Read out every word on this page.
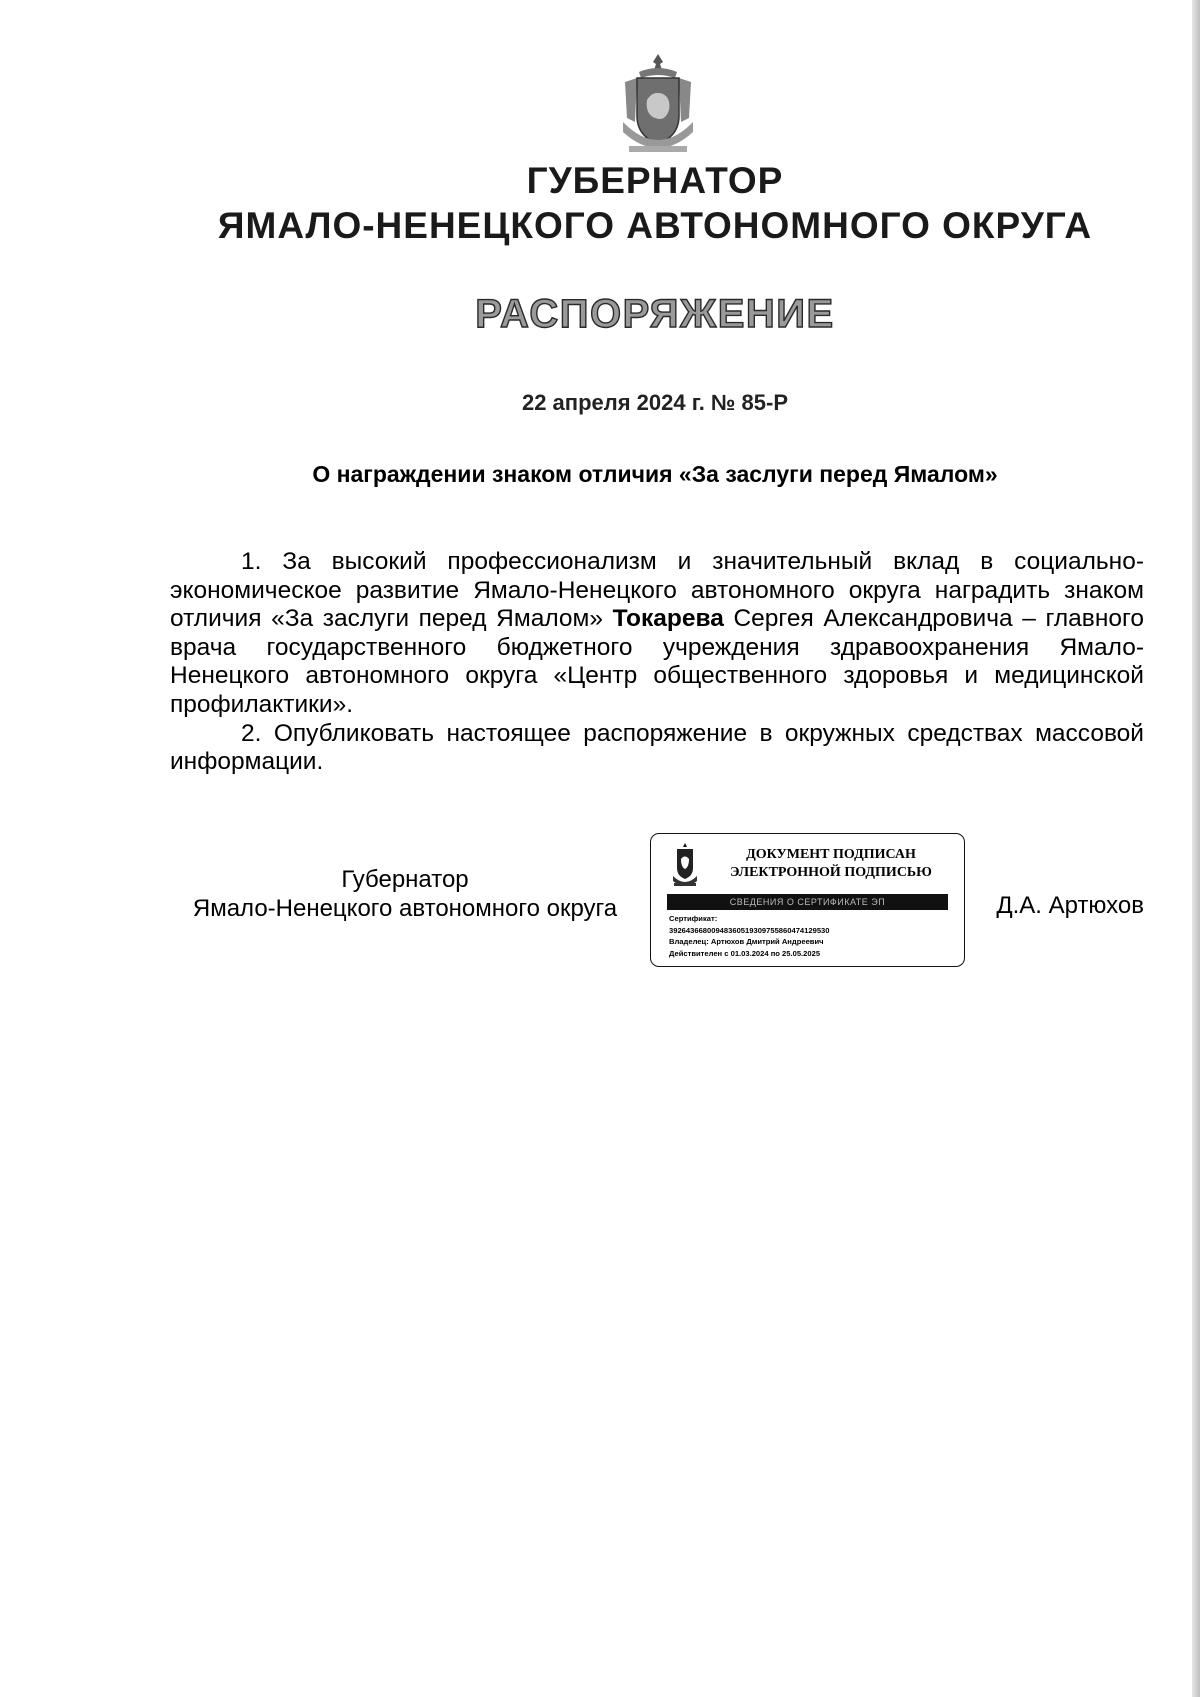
ГУБЕРНАТОР
ЯМАЛО-НЕНЕЦКОГО АВТОНОМНОГО ОКРУГА
РАСПОРЯЖЕНИЕ
22 апреля 2024 г. № 85-Р
О награждении знаком отличия «За заслуги перед Ямалом»

1. За высокий профессионализм и значительный вклад в социально-экономическое развитие Ямало-Ненецкого автономного округа наградить знаком отличия «За заслуги перед Ямалом» Токарева Сергея Александровича – главного врача государственного бюджетного учреждения здравоохранения Ямало-Ненецкого автономного округа «Центр общественного здоровья и медицинской профилактики».

2. Опубликовать настоящее распоряжение в окружных средствах массовой информации.

Губернатор
Ямало-Ненецкого автономного округа
ДОКУМЕНТ ПОДПИСАН
ЭЛЕКТРОННОЙ ПОДПИСЬЮ
СВЕДЕНИЯ О СЕРТИФИКАТЕ ЭП
Сертификат:
39264366800948360519309755860474129530
Владелец: Артюхов Дмитрий Андреевич
Действителен с 01.03.2024 по 25.05.2025
Д.А. Артюхов
